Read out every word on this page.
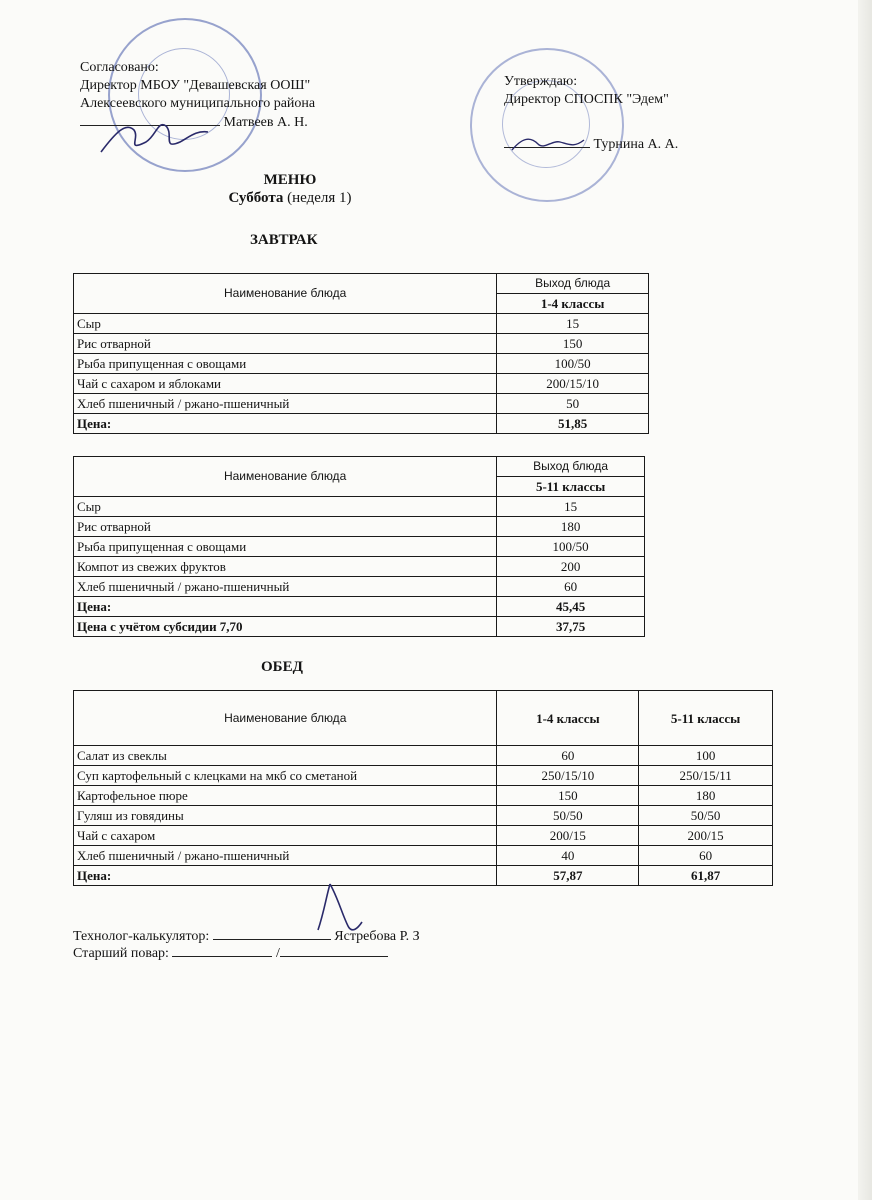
Согласовано:
Директор МБОУ "Девашевская ООШ"
Алексеевского муниципального района
Матвеев А. Н.
Утверждаю:
Директор СПОСПК "Эдем"
Турнина А. А.
МЕНЮ
Суббота (неделя 1)
ЗАВТРАК
Наименование блюда	Выход блюда
	1-4 классы
Сыр	15
Рис отварной	150
Рыба припущенная с овощами	100/50
Чай с сахаром и яблоками	200/15/10
Хлеб пшеничный / ржано-пшеничный	50
Цена:	51,85
Наименование блюда	Выход блюда
	5-11 классы
Сыр	15
Рис отварной	180
Рыба припущенная с овощами	100/50
Компот из свежих фруктов	200
Хлеб пшеничный / ржано-пшеничный	60
Цена:	45,45
Цена с учётом субсидии 7,70	37,75
ОБЕД
Наименование блюда	1-4 классы	5-11 классы
Салат из свеклы	60	100
Суп картофельный с клецками на мкб со сметаной	250/15/10	250/15/11
Картофельное пюре	150	180
Гуляш из говядины	50/50	50/50
Чай с сахаром	200/15	200/15
Хлеб пшеничный / ржано-пшеничный	40	60
Цена:	57,87	61,87
Технолог-калькулятор:	Ястребова Р. З
Старший повар:	/
